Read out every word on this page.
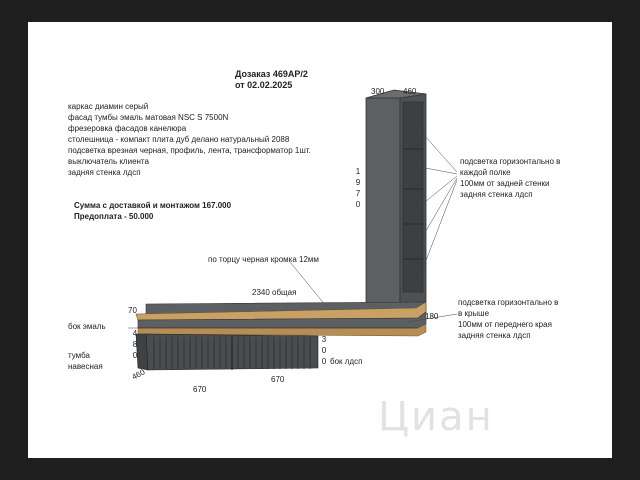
Дозаказ 469АР/2
от 02.02.2025
каркас диамин серый
фасад тумбы эмаль матовая NSC S 7500N
фрезеровка фасадов канелюра
столешница - компакт плита дуб делано натуральный 2088
подсветка врезная черная, профиль, лента, трансформатор 1шт.
выключатель клиента
задняя стенка лдсп
Сумма с доставкой и монтажом 167.000
Предоплата - 50.000
300 460
1
9
7
0
подсветка горизонтально в
каждой полке
100мм от задней стенки
задняя стенка лдсп
по торцу черная кромка 12мм
2340 общая
70
180
подсветка горизонтально в
в крыше
100мм от переднего края
задняя стенка лдсп
бок эмаль
4
8
0
тумба
навесная
3
0
0 бок лдсп
460
670
670
Циан
